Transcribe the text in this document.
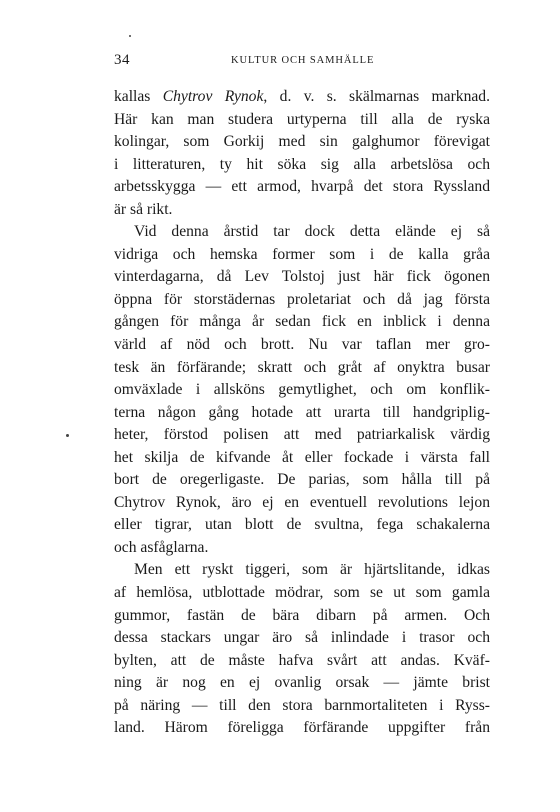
34	KULTUR OCH SAMHÄLLE
kallas Chytrov Rynok, d. v. s. skälmarnas marknad.
Här kan man studera urtyperna till alla de ryska
kolingar, som Gorkij med sin galghumor förevigat
i litteraturen, ty hit söka sig alla arbetslösa och
arbetsskygga — ett armod, hvarpå det stora Ryssland
är så rikt.
Vid denna årstid tar dock detta elände ej så
vidriga och hemska former som i de kalla gråa
vinterdagarna, då Lev Tolstoj just här fick ögonen
öppna för storstädernas proletariat och då jag första
gången för många år sedan fick en inblick i denna
värld af nöd och brott. Nu var taflan mer gro-
tesk än förfärande; skratt och gråt af onyktra busar
omväxlade i allsköns gemytlighet, och om konflik-
terna någon gång hotade att urarta till handgriplig-
heter, förstod polisen att med patriarkalisk värdig
het skilja de kifvande åt eller fockade i värsta fall
bort de oregerligaste. De parias, som hålla till på
Chytrov Rynok, äro ej en eventuell revolutions lejon
eller tigrar, utan blott de svultna, fega schakalerna
och asfåglarna.
Men ett ryskt tiggeri, som är hjärtslitande, idkas
af hemlösa, utblottade mödrar, som se ut som gamla
gummor, fastän de bära dibarn på armen. Och
dessa stackars ungar äro så inlindade i trasor och
bylten, att de måste hafva svårt att andas. Kväf-
ning är nog en ej ovanlig orsak — jämte brist
på näring — till den stora barnmortaliteten i Ryss-
land. Härom föreligga förfärande uppgifter från
